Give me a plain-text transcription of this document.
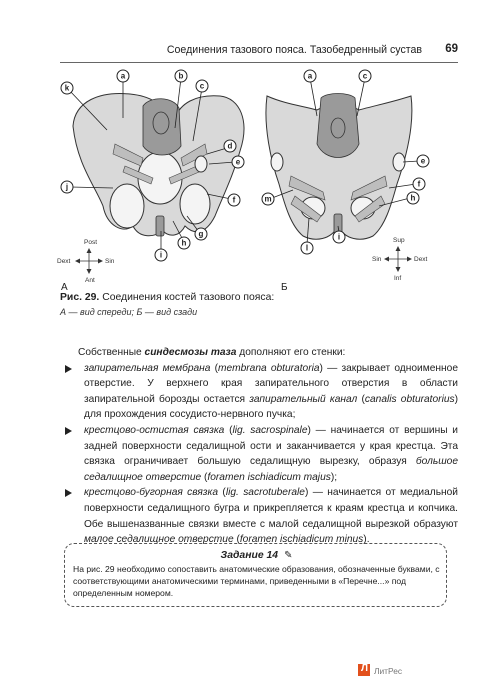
Соединения тазового пояса. Тазобедренный сустав 69
a	b
c
d
e
f
g
h
i
j
k
Post
Ant
Dext	Sin
А
a	c
e
f
h
i
l
m
Sup
Inf
Sin	Dext
Б
Рис. 29. Соединения костей тазового пояса:
А — вид спереди; Б — вид сзади

Собственные синдесмозы таза дополняют его стенки:

запирательная мембрана (membrana obturatoria) — закрывает одноименное отверстие. У верхнего края запирательного отверстия в области запирательной борозды остается запирательный канал (canalis obturatorius) для прохождения сосудисто-нервного пучка;
крестцово-остистая связка (lig. sacrospinale) — начинается от вершины и задней поверхности седалищной ости и заканчивается у края крестца. Эта связка ограничивает большую седалищную вырезку, образуя большое седалищное отверстие (foramen ischiadicum majus);
крестцово-бугорная связка (lig. sacrotuberale) — начинается от медиальной поверхности седалищного бугра и прикрепляется к краям крестца и копчика. Обе вышеназванные связки вместе с малой седалищной вырезкой образуют малое седалищное отверстие (foramen ischiadicum minus).
Задание 14 ✎
На рис. 29 необходимо сопоставить анатомические образования, обозначенные буквами, с соответствующими анатомическими терминами, приведенными в «Перечне...» под определенным номером.
Л ЛитРес
